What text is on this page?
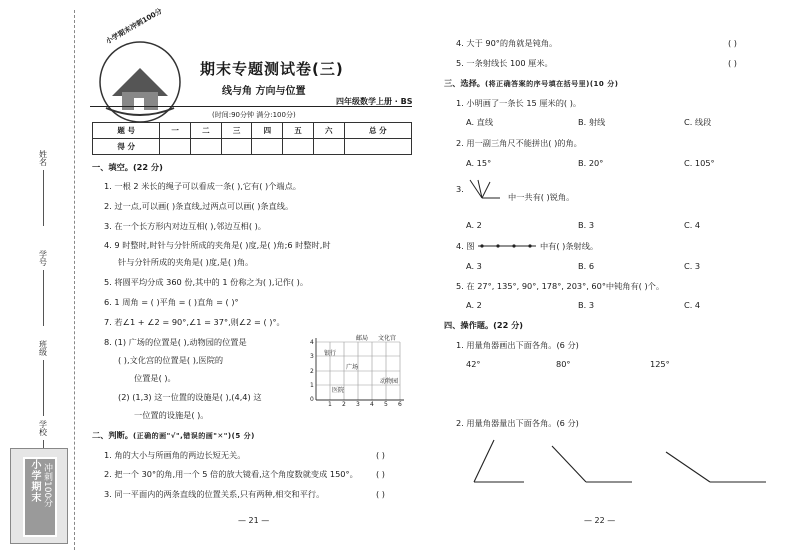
姓名
学号
班级
学校
小学期末 冲刺100分
小学期末冲刺100分
期末专题测试卷(三)
线与角 方向与位置
四年级数学上册 · BS
(时间:90分钟 满分:100分)
题 号	一	二	三	四	五	六	总 分
得 分							
一、填空。(22 分)
1. 一根 2 米长的绳子可以看成一条( ),它有( )个端点。
2. 过一点,可以画( )条直线,过两点可以画( )条直线。
3. 在一个长方形内对边互相( ),邻边互相( )。
4. 9 时整时,时针与分针所成的夹角是( )度,是( )角;6 时整时,时
针与分针所成的夹角是( )度,是( )角。
5. 将圆平均分成 360 份,其中的 1 份称之为( ),记作( )。
6. 1 周角 = ( )平角 = ( )直角 = ( )°
7. 若∠1 + ∠2 = 90°,∠1 = 37°,则∠2 = ( )°。
8. (1) 广场的位置是( ),动物园的位置是
( ),文化宫的位置是( ),医院的
位置是( )。
(2) (1,3) 这一位置的设施是( ),(4,4) 这
一位置的设施是( )。
4
3
2
1
0
1 2 3 4 5 6
邮局 文化宫
银行
广场
动物园
医院
二、判断。(正确的画"√",错误的画"✕")(5 分)
1. 角的大小与所画角的两边长短无关。	( )
2. 把一个 30°的角,用一个 5 倍的放大镜看,这个角度数就变成 150°。 ( )
3. 同一平面内的两条直线的位置关系,只有两种,相交和平行。	( )
— 21 —
4. 大于 90°的角就是钝角。	( )
5. 一条射线长 100 厘米。	( )
三、选择。(将正确答案的序号填在括号里)(10 分)
1. 小明画了一条长 15 厘米的( )。
A. 直线	B. 射线	C. 线段
2. 用一副三角尺不能拼出( )的角。
A. 15°	B. 20°	C. 105°
3.
中一共有( )锐角。
A. 2	B. 3	C. 4
4. 图	中有( )条射线。
A. 3	B. 6	C. 3
5. 在 27°, 135°, 90°, 178°, 203°, 60°中钝角有( )个。
A. 2	B. 3	C. 4
四、操作题。(22 分)
1. 用量角器画出下面各角。(6 分)
42°	80°	125°
2. 用量角器量出下面各角。(6 分)
— 22 —
